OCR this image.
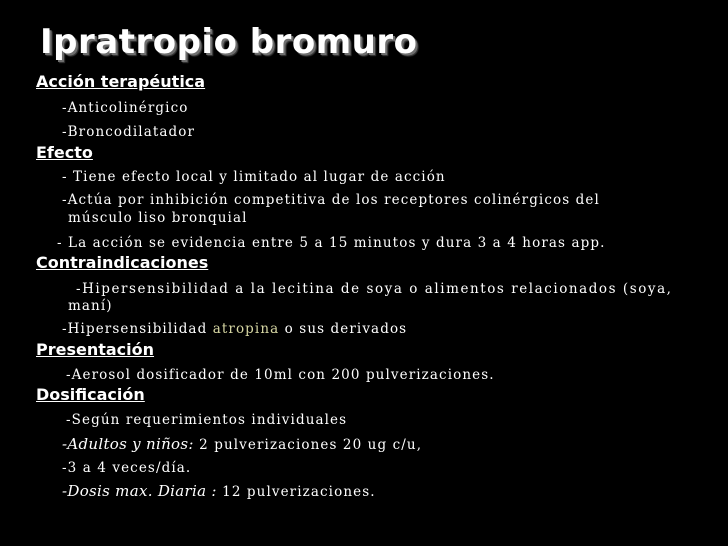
Ipratropio bromuro
Acción terapéutica
-Anticolinérgico
-Broncodilatador
Efecto
- Tiene efecto local y limitado al lugar de acción
-Actúa por inhibición competitiva de los receptores colinérgicos del
músculo liso bronquial
- La acción se evidencia entre 5 a 15 minutos y dura 3 a 4 horas app.
Contraindicaciones
-Hipersensibilidad a la lecitina de soya o alimentos relacionados (soya,
maní)
-Hipersensibilidad atropina o sus derivados
Presentación
-Aerosol dosificador de 10ml con 200 pulverizaciones.
Dosificación
-Según requerimientos individuales
-Adultos y niños: 2 pulverizaciones 20 ug c/u,
-3 a 4 veces/día.
-Dosis max. Diaria : 12 pulverizaciones.
